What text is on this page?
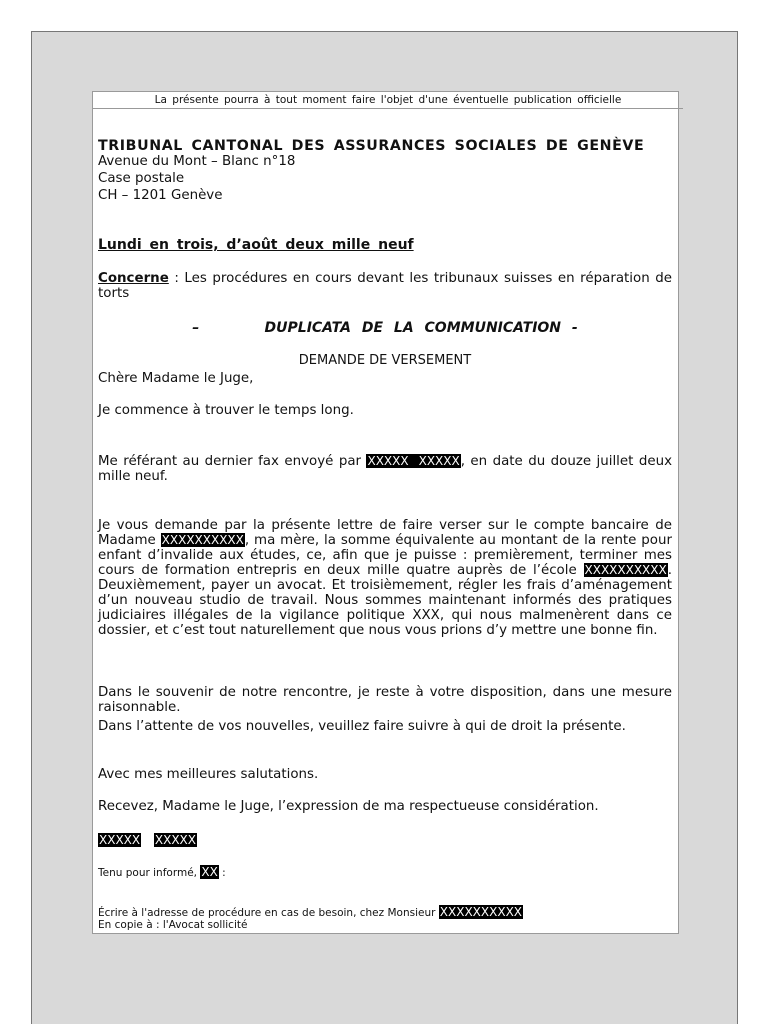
La présente pourra à tout moment faire l'objet d'une éventuelle publication officielle
TRIBUNAL CANTONAL DES ASSURANCES SOCIALES DE GENÈVE
Avenue du Mont – Blanc n°18
Case postale
CH – 1201 Genève
Lundi en trois, d’août deux mille neuf
Concerne : Les procédures en cours devant les tribunaux suisses en réparation de torts
–      DUPLICATA DE LA COMMUNICATION -
DEMANDE DE VERSEMENT
Chère Madame le Juge,
Je commence à trouver le temps long.
Me référant au dernier fax envoyé par XXXXX  XXXXX, en date du douze juillet deux mille neuf.
Je vous demande par la présente lettre de faire verser sur le compte bancaire de Madame XXXXXXXXXX, ma mère, la somme équivalente au montant de la rente pour enfant d’invalide aux études, ce, afin que je puisse : premièrement, terminer mes cours de formation entrepris en deux mille quatre auprès de l’école XXXXXXXXXX. Deuxièmement, payer un avocat. Et troisièmement, régler les frais d’aménagement d’un nouveau studio de travail. Nous sommes maintenant informés des pratiques judiciaires illégales de la vigilance politique XXX, qui nous malmenèrent dans ce dossier, et c’est tout naturellement que nous vous prions d’y mettre une bonne fin.
Dans le souvenir de notre rencontre, je reste à votre disposition, dans une mesure raisonnable.
Dans l’attente de vos nouvelles, veuillez faire suivre à qui de droit la présente.
Avec mes meilleures salutations.
Recevez, Madame le Juge, l’expression de ma respectueuse considération.
XXXXX XXXXX
Tenu pour informé, XX :
Écrire à l'adresse de procédure en cas de besoin, chez Monsieur XXXXXXXXXX
En copie à : l'Avocat sollicité
